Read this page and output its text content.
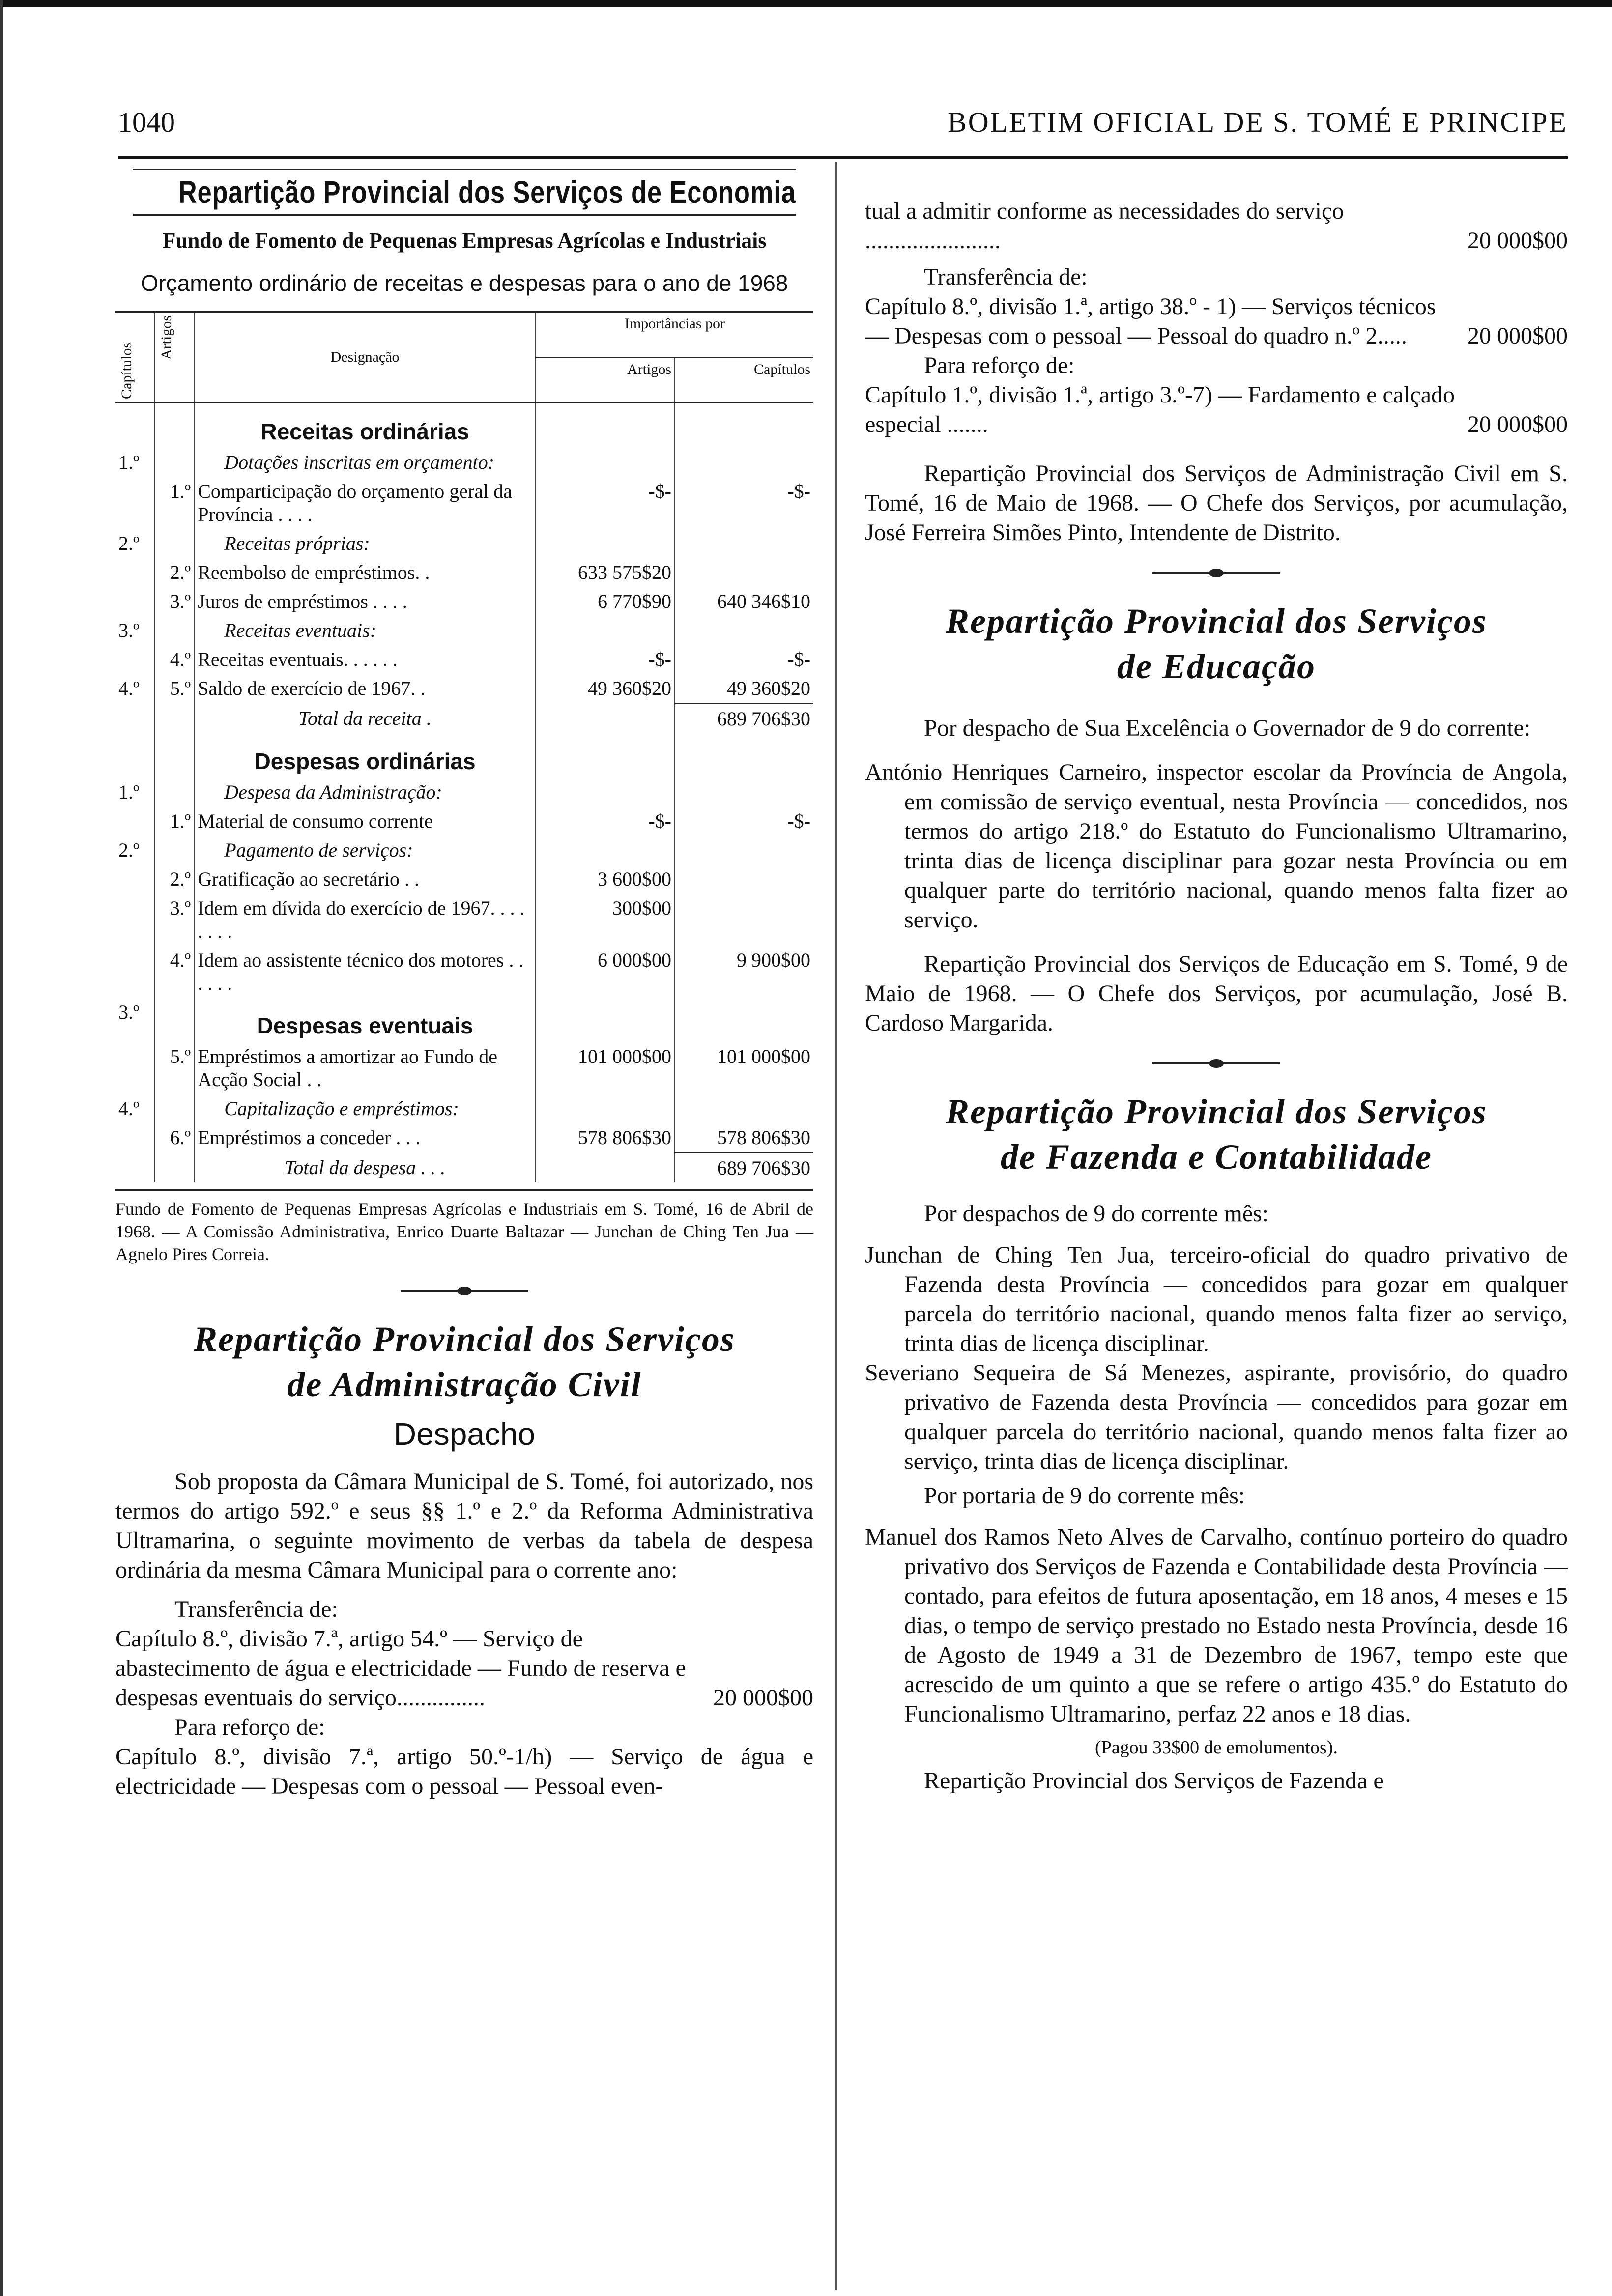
1040	BOLETIM OFICIAL DE S. TOMÉ E PRINCIPE
Repartição Provincial dos Serviços de Economia
Fundo de Fomento de Pequenas Empresas Agrícolas e Industriais
Orçamento ordinário de receitas e despesas para o ano de 1968
Capítulos	Artigos	Designação	Importâncias por	
			Artigos	Capítulos
		Receitas ordinárias		
1.º		Dotações inscritas em orçamento:		
	1.º	Comparticipação do orçamento geral da Província . . . .	-$-	-$-
2.º		Receitas próprias:		
	2.º	Reembolso de empréstimos. .	633 575$20	
	3.º	Juros de empréstimos . . . .	6 770$90	640 346$10
3.º		Receitas eventuais:		
	4.º	Receitas eventuais. . . . . .	-$-	-$-
4.º	5.º	Saldo de exercício de 1967. .	49 360$20	49 360$20
		Total da receita .		689 706$30
		Despesas ordinárias		
1.º		Despesa da Administração:		
	1.º	Material de consumo corrente	-$-	-$-
2.º		Pagamento de serviços:		
	2.º	Gratificação ao secretário . .	3 600$00	
	3.º	Idem em dívida do exercício de 1967. . . . . . . .	300$00	
	4.º	Idem ao assistente técnico dos motores . . . . . .	6 000$00	9 900$00
3.º		Despesas eventuais		
	5.º	Empréstimos a amortizar ao Fundo de Acção Social . .	101 000$00	101 000$00
4.º		Capitalização e empréstimos:		
	6.º	Empréstimos a conceder . . .	578 806$30	578 806$30
		Total da despesa . . .		689 706$30
Fundo de Fomento de Pequenas Empresas Agrícolas e Industriais em S. Tomé, 16 de Abril de 1968. — A Comissão Administrativa, Enrico Duarte Baltazar — Junchan de Ching Ten Jua — Agnelo Pires Correia.
Repartição Provincial dos Serviços
de Administração Civil
Despacho

Sob proposta da Câmara Municipal de S. Tomé, foi autorizado, nos termos do artigo 592.º e seus §§ 1.º e 2.º da Reforma Administrativa Ultramarina, o seguinte movimento de verbas da tabela de despesa ordinária da mesma Câmara Municipal para o corrente ano:

Transferência de:

Capítulo 8.º, divisão 7.ª, artigo 54.º — Serviço de abastecimento de água e electricidade — Fundo de reserva e despesas eventuais do serviço...............	20 000$00

Para reforço de:

Capítulo 8.º, divisão 7.ª, artigo 50.º-1/h) — Serviço de água e electricidade — Despesas com o pessoal — Pessoal even-

tual a admitir conforme as necessidades do serviço .......................	20 000$00

Transferência de:

Capítulo 8.º, divisão 1.ª, artigo 38.º - 1) — Serviços técnicos — Despesas com o pessoal — Pessoal do quadro n.º 2.....	20 000$00

Para reforço de:

Capítulo 1.º, divisão 1.ª, artigo 3.º-7) — Fardamento e calçado especial .......	20 000$00

Repartição Provincial dos Serviços de Administração Civil em S. Tomé, 16 de Maio de 1968. — O Chefe dos Serviços, por acumulação, José Ferreira Simões Pinto, Intendente de Distrito.

Repartição Provincial dos Serviços
de Educação

Por despacho de Sua Excelência o Governador de 9 do corrente:

António Henriques Carneiro, inspector escolar da Província de Angola, em comissão de serviço eventual, nesta Província — concedidos, nos termos do artigo 218.º do Estatuto do Funcionalismo Ultramarino, trinta dias de licença disciplinar para gozar nesta Província ou em qualquer parte do território nacional, quando menos falta fizer ao serviço.

Repartição Provincial dos Serviços de Educação em S. Tomé, 9 de Maio de 1968. — O Chefe dos Serviços, por acumulação, José B. Cardoso Margarida.

Repartição Provincial dos Serviços
de Fazenda e Contabilidade

Por despachos de 9 do corrente mês:

Junchan de Ching Ten Jua, terceiro-oficial do quadro privativo de Fazenda desta Província — concedidos para gozar em qualquer parcela do território nacional, quando menos falta fizer ao serviço, trinta dias de licença disciplinar.

Severiano Sequeira de Sá Menezes, aspirante, provisório, do quadro privativo de Fazenda desta Província — concedidos para gozar em qualquer parcela do território nacional, quando menos falta fizer ao serviço, trinta dias de licença disciplinar.

Por portaria de 9 do corrente mês:

Manuel dos Ramos Neto Alves de Carvalho, contínuo porteiro do quadro privativo dos Serviços de Fazenda e Contabilidade desta Província — contado, para efeitos de futura aposentação, em 18 anos, 4 meses e 15 dias, o tempo de serviço prestado no Estado nesta Província, desde 16 de Agosto de 1949 a 31 de Dezembro de 1967, tempo este que acrescido de um quinto a que se refere o artigo 435.º do Estatuto do Funcionalismo Ultramarino, perfaz 22 anos e 18 dias.

(Pagou 33$00 de emolumentos).

Repartição Provincial dos Serviços de Fazenda e
